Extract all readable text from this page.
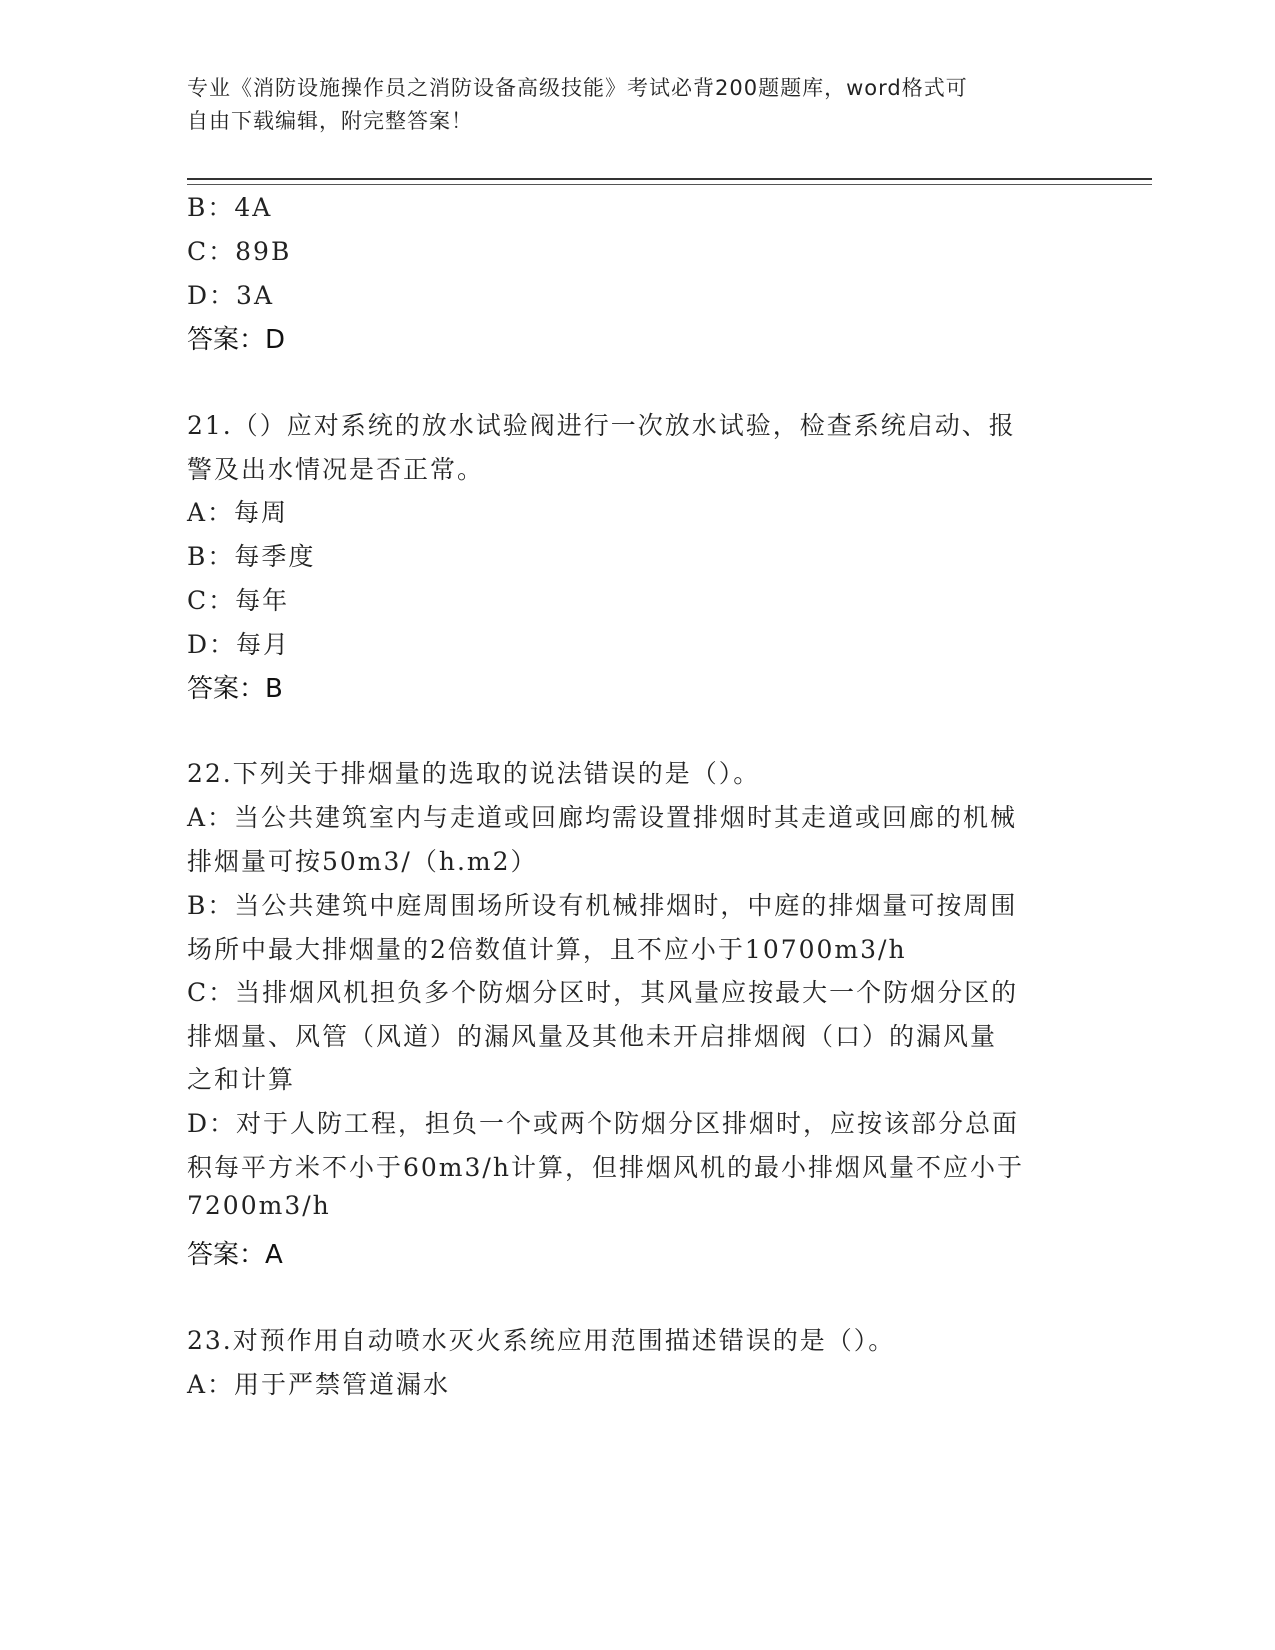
专业《消防设施操作员之消防设备高级技能》考试必背200题题库，word格式可
自由下载编辑，附完整答案！
B：4A
C：89B
D：3A
答案：D
21.（）应对系统的放水试验阀进行一次放水试验，检查系统启动、报
警及出水情况是否正常。
A：每周
B：每季度
C：每年
D：每月
答案：B
22.下列关于排烟量的选取的说法错误的是（）。
A：当公共建筑室内与走道或回廊均需设置排烟时其走道或回廊的机械
排烟量可按50m3/（h.m2）
B：当公共建筑中庭周围场所设有机械排烟时，中庭的排烟量可按周围
场所中最大排烟量的2倍数值计算，且不应小于10700m3/h
C：当排烟风机担负多个防烟分区时，其风量应按最大一个防烟分区的
排烟量、风管（风道）的漏风量及其他未开启排烟阀（口）的漏风量
之和计算
D：对于人防工程，担负一个或两个防烟分区排烟时，应按该部分总面
积每平方米不小于60m3/h计算，但排烟风机的最小排烟风量不应小于
7200m3/h
答案：A
23.对预作用自动喷水灭火系统应用范围描述错误的是（）。
A：用于严禁管道漏水
